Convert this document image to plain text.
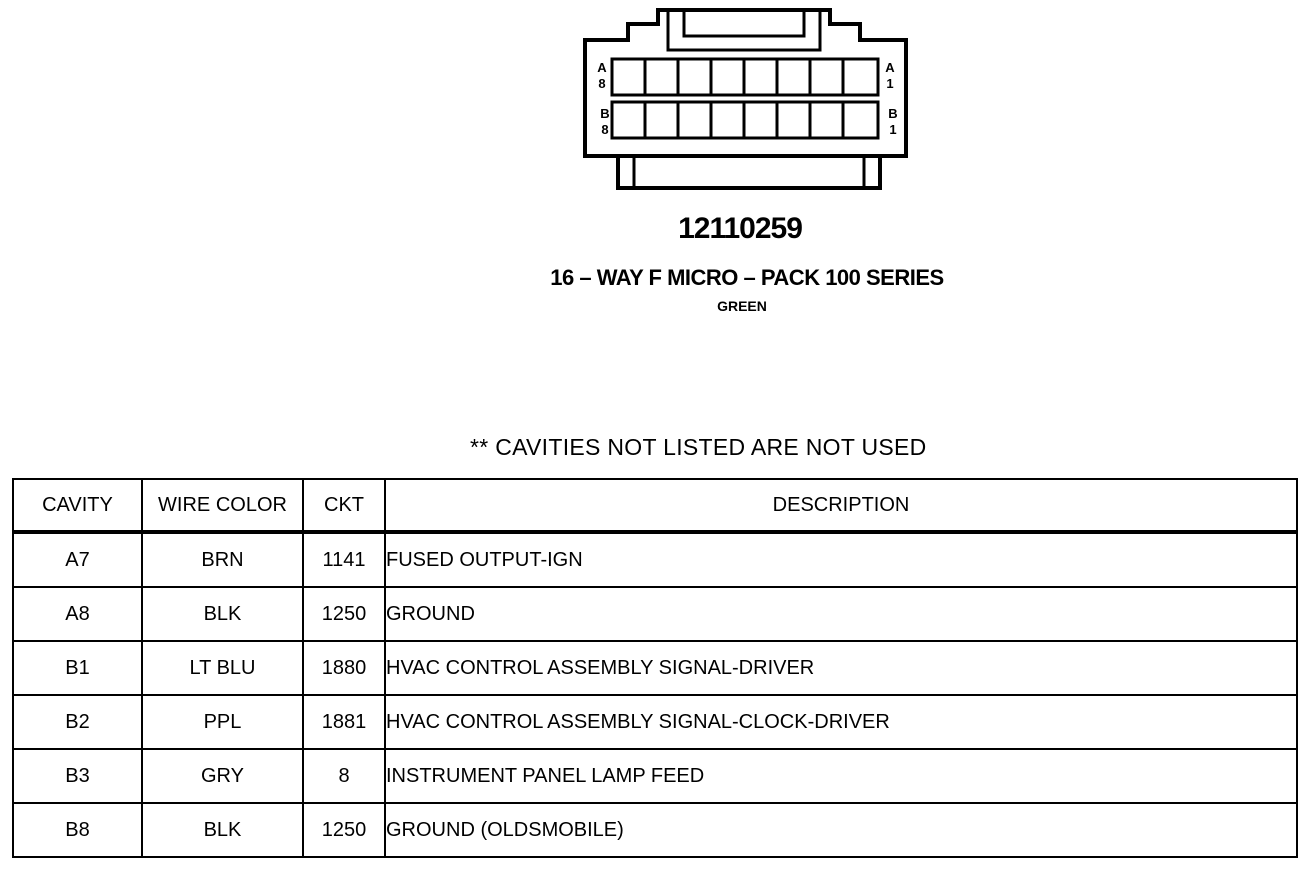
A
8
A
1
B
8
B
1
12110259
16 – WAY F MICRO – PACK 100 SERIES
GREEN
** CAVITIES NOT LISTED ARE NOT USED
CAVITY	WIRE COLOR	CKT	DESCRIPTION
A7	BRN	1141	FUSED OUTPUT-IGN
A8	BLK	1250	GROUND
B1	LT BLU	1880	HVAC CONTROL ASSEMBLY SIGNAL-DRIVER
B2	PPL	1881	HVAC CONTROL ASSEMBLY SIGNAL-CLOCK-DRIVER
B3	GRY	8	INSTRUMENT PANEL LAMP FEED
B8	BLK	1250	GROUND (OLDSMOBILE)
